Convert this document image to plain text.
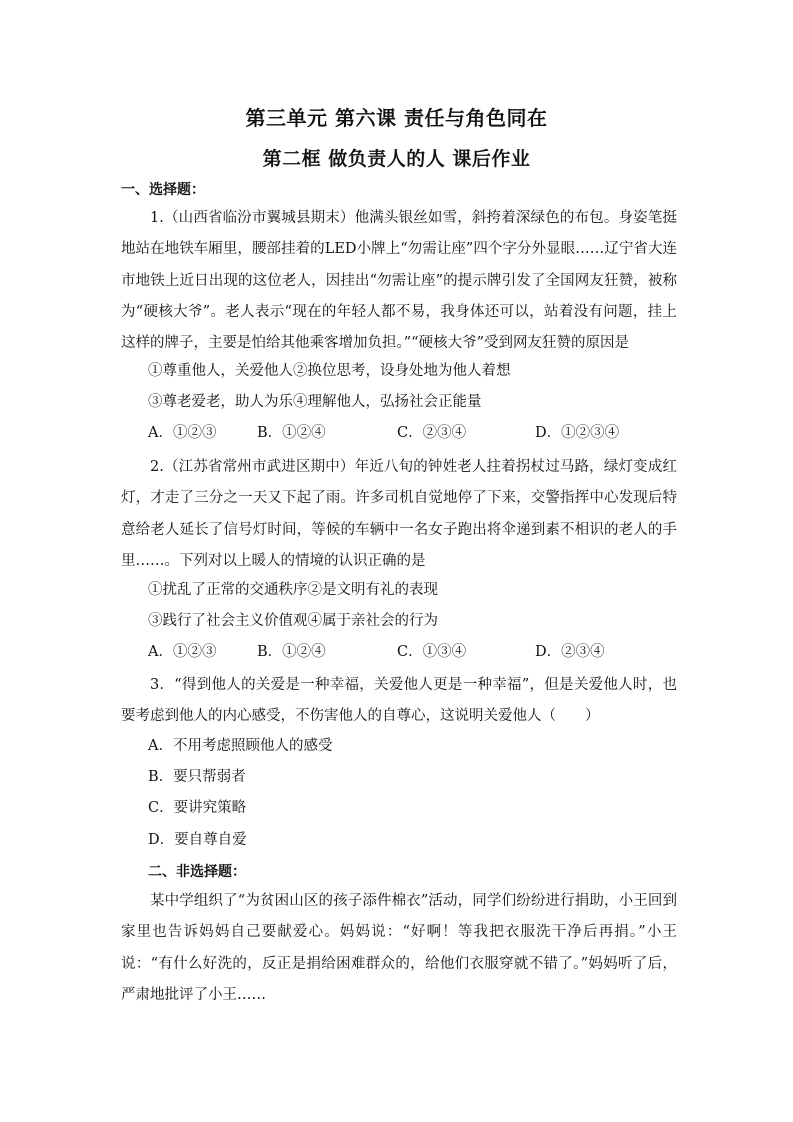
第三单元 第六课 责任与角色同在
第二框 做负责人的人 课后作业

一、选择题：

1.（山西省临汾市翼城县期末）他满头银丝如雪，斜挎着深绿色的布包。身姿笔挺地站在地铁车厢里，腰部挂着的LED小牌上“勿需让座”四个字分外显眼……辽宁省大连市地铁上近日出现的这位老人，因挂出“勿需让座”的提示牌引发了全国网友狂赞，被称为“硬核大爷”。老人表示“现在的年轻人都不易，我身体还可以，站着没有问题，挂上这样的牌子，主要是怕给其他乘客增加负担。”“硬核大爷”受到网友狂赞的原因是

①尊重他人，关爱他人②换位思考，设身处地为他人着想

③尊老爱老，助人为乐④理解他人，弘扬社会正能量

A．①②③	B．①②④	C．②③④	D．①②③④

2.（江苏省常州市武进区期中）年近八旬的钟姓老人拄着拐杖过马路，绿灯变成红灯，才走了三分之一天又下起了雨。许多司机自觉地停了下来，交警指挥中心发现后特意给老人延长了信号灯时间，等候的车辆中一名女子跑出将伞递到素不相识的老人的手里……。下列对以上暖人的情境的认识正确的是

①扰乱了正常的交通秩序②是文明有礼的表现

③践行了社会主义价值观④属于亲社会的行为

A．①②③	B．①②④	C．①③④	D．②③④

3．“得到他人的关爱是一种幸福，关爱他人更是一种幸福”，但是关爱他人时，也要考虑到他人的内心感受，不伤害他人的自尊心，这说明关爱他人（　　）

A．不用考虑照顾他人的感受

B．要只帮弱者

C．要讲究策略

D．要自尊自爱

二、非选择题：

某中学组织了“为贫困山区的孩子添件棉衣”活动，同学们纷纷进行捐助，小王回到家里也告诉妈妈自己要献爱心。妈妈说：“好啊！等我把衣服洗干净后再捐。”小王说：“有什么好洗的，反正是捐给困难群众的，给他们衣服穿就不错了。”妈妈听了后，严肃地批评了小王……
